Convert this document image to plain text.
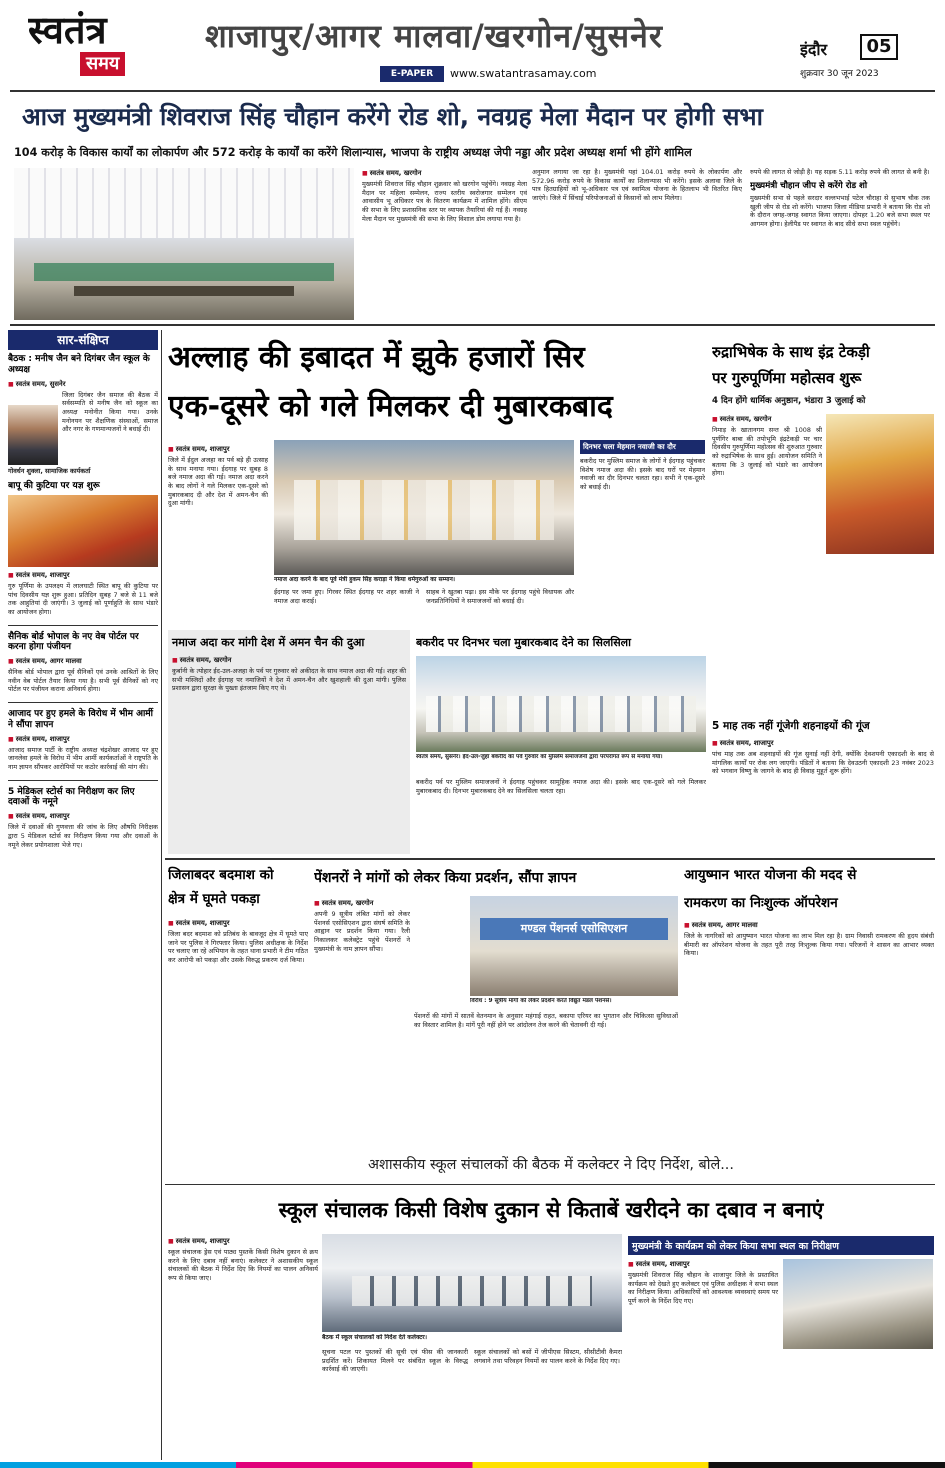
स्वतंत्र
समय
शाजापुर/आगर मालवा/खरगोन/सुसनेर
E-PAPER	www.swatantrasamay.com
इंदौर	05
शुक्रवार 30 जून 2023
आज मुख्यमंत्री शिवराज सिंह चौहान करेंगे रोड शो, नवग्रह मेला मैदान पर होगी सभा
104 करोड़ के विकास कार्यों का लोकार्पण और 572 करोड़ के कार्यों का करेंगे शिलान्यास, भाजपा के राष्ट्रीय अध्यक्ष जेपी नड्डा और प्रदेश अध्यक्ष शर्मा भी होंगे शामिल
■ स्वतंत्र समय, खरगोन
मुख्यमंत्री शिवराज सिंह चौहान शुक्रवार को खरगोन पहुंचेंगे। नवग्रह मेला मैदान पर महिला सम्मेलन, राज्य स्तरीय स्वरोजगार सम्मेलन एवं आवासीय भू अधिकार पत्र के वितरण कार्यक्रम में शामिल होंगे। सीएम की सभा के लिए प्रशासनिक स्तर पर व्यापक तैयारियां की गई हैं। नवग्रह मेला मैदान पर मुख्यमंत्री की सभा के लिए विशाल डोम लगाया गया है।
अनुमान लगाया जा रहा है। मुख्यमंत्री यहां 104.01 करोड़ रुपये के लोकार्पण और 572.96 करोड़ रुपये के विकास कार्यों का शिलान्यास भी करेंगे। इसके अलावा जिले के पात्र हितग्राहियों को भू-अधिकार पत्र एवं स्वामित्व योजना के हितलाभ भी वितरित किए जाएंगे। जिले में सिंचाई परियोजनाओं से किसानों को लाभ मिलेगा।
रुपये की लागत से जोड़ी है। यह सड़क 5.11 करोड़ रुपये की लागत से बनी है।
मुख्यमंत्री चौहान जीप से करेंगे रोड शो
मुख्यमंत्री सभा से पहले सरदार वल्लभभाई पटेल चौराहा से सुभाष चौक तक खुली जीप से रोड शो करेंगे। भाजपा जिला मीडिया प्रभारी ने बताया कि रोड शो के दौरान जगह-जगह स्वागत किया जाएगा। दोपहर 1.20 बजे सभा स्थल पर आगमन होगा। हेलीपैड पर स्वागत के बाद सीधे सभा स्थल पहुंचेंगे।
सार-संक्षिप्त
बैठक : मनीष जैन बने दिगंबर जैन स्कूल के अध्यक्ष
■ स्वतंत्र समय, सुसनेर
जिला दिगंबर जैन समाज की बैठक में सर्वसम्मति से मनीष जैन को स्कूल का अध्यक्ष मनोनीत किया गया। उनके मनोनयन पर शैक्षणिक संस्थाओं, समाज और नगर के गणमान्यजनों ने बधाई दी।
गोवर्धन शुक्ला, सामाजिक कार्यकर्ता
बापू की कुटिया पर यज्ञ शुरू
■ स्वतंत्र समय, शाजापुर
गुरु पूर्णिमा के उपलक्ष्य में लालघाटी स्थित बापू की कुटिया पर पांच दिवसीय यज्ञ शुरू हुआ। प्रतिदिन सुबह 7 बजे से 11 बजे तक आहुतियां दी जाएंगी। 3 जुलाई को पूर्णाहुति के साथ भंडारे का आयोजन होगा।
सैनिक बोर्ड भोपाल के नए वेब पोर्टल पर करना होगा पंजीयन
■ स्वतंत्र समय, आगर मालवा
सैनिक बोर्ड भोपाल द्वारा पूर्व सैनिकों एवं उनके आश्रितों के लिए नवीन वेब पोर्टल तैयार किया गया है। सभी पूर्व सैनिकों को नए पोर्टल पर पंजीयन कराना अनिवार्य होगा।
आजाद पर हुए हमले के विरोध में भीम आर्मी ने सौंपा ज्ञापन
■ स्वतंत्र समय, शाजापुर
आजाद समाज पार्टी के राष्ट्रीय अध्यक्ष चंद्रशेखर आजाद पर हुए जानलेवा हमले के विरोध में भीम आर्मी कार्यकर्ताओं ने राष्ट्रपति के नाम ज्ञापन सौंपकर आरोपियों पर कठोर कार्रवाई की मांग की।
5 मेडिकल स्टोर्स का निरीक्षण कर लिए दवाओं के नमूने
■ स्वतंत्र समय, शाजापुर
जिले में दवाओं की गुणवत्ता की जांच के लिए औषधि निरीक्षक द्वारा 5 मेडिकल स्टोर्स का निरीक्षण किया गया और दवाओं के नमूने लेकर प्रयोगशाला भेजे गए।
अल्लाह की इबादत में झुके हजारों सिर
एक-दूसरे को गले मिलकर दी मुबारकबाद
■ स्वतंत्र समय, शाजापुर
जिले में ईदुल अजहा का पर्व बड़े ही उत्साह के साथ मनाया गया। ईदगाह पर सुबह 8 बजे नमाज अदा की गई। नमाज अदा करने के बाद लोगों ने गले मिलकर एक-दूसरे को मुबारकबाद दी और देश में अमन-चैन की दुआ मांगी।
नमाज अदा करने के बाद पूर्व मंत्री हुकम सिंह कराड़ा ने किया धर्मगुरुओं का सम्मान।
ईदगाह पर जमा हुए। गिरवर स्थित ईदगाह पर शहर काजी ने नमाज अदा कराई।
साहब ने खुतबा पढ़ा। इस मौके पर ईदगाह पहुंचे विधायक और जनप्रतिनिधियों ने समाजजनों को बधाई दी।
दिनभर चला मेहमान नवाजी का दौर
बकरीद पर मुस्लिम समाज के लोगों ने ईदगाह पहुंचकर विशेष नमाज अदा की। इसके बाद घरों पर मेहमान नवाजी का दौर दिनभर चलता रहा। सभी ने एक-दूसरे को बधाई दी।
रुद्राभिषेक के साथ इंद्र टेकड़ी
पर गुरुपूर्णिमा महोत्सव शुरू
4 दिन होंगे धार्मिक अनुष्ठान, भंडारा 3 जुलाई को
■ स्वतंत्र समय, खरगोन
निमाड़ के खातानगम सन्त श्री 1008 श्री पूर्णगिर बाबा की तपोभूमि इंद्रटेकड़ी पर चार दिवसीय गुरुपूर्णिमा महोत्सव की शुरुआत गुरुवार को रुद्राभिषेक के साथ हुई। आयोजन समिति ने बताया कि 3 जुलाई को भंडारे का आयोजन होगा।
5 माह तक नहीं गूंजेगी शहनाइयों की गूंज
■ स्वतंत्र समय, शाजापुर
पांच माह तक अब शहनाइयों की गूंज सुनाई नहीं देगी, क्योंकि देवशयनी एकादशी के बाद से मांगलिक कार्यों पर रोक लग जाएगी। पंडितों ने बताया कि देवउठनी एकादशी 23 नवंबर 2023 को भगवान विष्णु के जागने के बाद ही विवाह मुहूर्त शुरू होंगे।
नमाज अदा कर मांगी देश में अमन चैन की दुआ
■ स्वतंत्र समय, खरगोन
कुर्बानी के त्योहार ईद-उल-अजहा के पर्व पर गुरुवार को अकीदत के साथ नमाज अदा की गई। शहर की सभी मस्जिदों और ईदगाह पर नमाजियों ने देश में अमन-चैन और खुशहाली की दुआ मांगी। पुलिस प्रशासन द्वारा सुरक्षा के पुख्ता इंतजाम किए गए थे।
बकरीद पर दिनभर चला मुबारकबाद देने का सिलसिला
स्वतंत्र समय, सुसनेर। ईद-उल-जुहा बकरीद का पर्व गुरुवार को मुस्लिम समाजजनों द्वारा परंपरागत रूप से मनाया गया।
बकरीद पर्व पर मुस्लिम समाजजनों ने ईदगाह पहुंचकर सामूहिक नमाज अदा की। इसके बाद एक-दूसरे को गले मिलकर मुबारकबाद दी। दिनभर मुबारकबाद देने का सिलसिला चलता रहा।
जिलाबदर बदमाश को
क्षेत्र में घूमते पकड़ा
■ स्वतंत्र समय, शाजापुर
जिला बदर बदमाश को प्रतिबंध के बावजूद क्षेत्र में घूमते पाए जाने पर पुलिस ने गिरफ्तार किया। पुलिस अधीक्षक के निर्देश पर चलाए जा रहे अभियान के तहत थाना प्रभारी ने टीम गठित कर आरोपी को पकड़ा और उसके विरुद्ध प्रकरण दर्ज किया।
पेंशनरों ने मांगों को लेकर किया प्रदर्शन, सौंपा ज्ञापन
■ स्वतंत्र समय, खरगोन
अपनी 9 सूत्रीय लंबित मांगों को लेकर पेंशनर्स एसोसिएशन द्वारा संघर्ष समिति के आह्वान पर प्रदर्शन किया गया। रैली निकालकर कलेक्ट्रेट पहुंचे पेंशनरों ने मुख्यमंत्री के नाम ज्ञापन सौंपा।
मण्डल पेंशनर्स एसोसिएशन
विरोध : 9 सूत्रीय मांगों को लेकर प्रदर्शन करते विद्युत मंडल पेंशनर्स।
पेंशनरों की मांगों में सातवें वेतनमान के अनुसार महंगाई राहत, बकाया एरियर का भुगतान और चिकित्सा सुविधाओं का विस्तार शामिल है। मांगें पूरी नहीं होने पर आंदोलन तेज करने की चेतावनी दी गई।
आयुष्मान भारत योजना की मदद से
रामकरण का निःशुल्क ऑपरेशन
■ स्वतंत्र समय, आगर मालवा
जिले के नागरिकों को आयुष्मान भारत योजना का लाभ मिल रहा है। ग्राम निवासी रामकरण की हृदय संबंधी बीमारी का ऑपरेशन योजना के तहत पूरी तरह निःशुल्क किया गया। परिजनों ने शासन का आभार व्यक्त किया।
अशासकीय स्कूल संचालकों की बैठक में कलेक्टर ने दिए निर्देश, बोले...
स्कूल संचालक किसी विशेष दुकान से किताबें खरीदने का दबाव न बनाएं
■ स्वतंत्र समय, शाजापुर
स्कूल संचालक ड्रेस एवं पाठ्य पुस्तकें किसी विशेष दुकान से क्रय करने के लिए दबाव नहीं बनाएं। कलेक्टर ने अशासकीय स्कूल संचालकों की बैठक में निर्देश दिए कि नियमों का पालन अनिवार्य रूप से किया जाए।
बैठक में स्कूल संचालकों को निर्देश देते कलेक्टर।
सूचना पटल पर पुस्तकों की सूची एवं फीस की जानकारी प्रदर्शित करें। शिकायत मिलने पर संबंधित स्कूल के विरुद्ध कार्रवाई की जाएगी।
स्कूल संचालकों को बसों में जीपीएस सिस्टम, सीसीटीवी कैमरा लगवाने तथा परिवहन नियमों का पालन करने के निर्देश दिए गए।
मुख्यमंत्री के कार्यक्रम को लेकर किया सभा स्थल का निरीक्षण
■ स्वतंत्र समय, शाजापुर
मुख्यमंत्री शिवराज सिंह चौहान के शाजापुर जिले के प्रस्तावित कार्यक्रम को देखते हुए कलेक्टर एवं पुलिस अधीक्षक ने सभा स्थल का निरीक्षण किया। अधिकारियों को आवश्यक व्यवस्थाएं समय पर पूर्ण करने के निर्देश दिए गए।
